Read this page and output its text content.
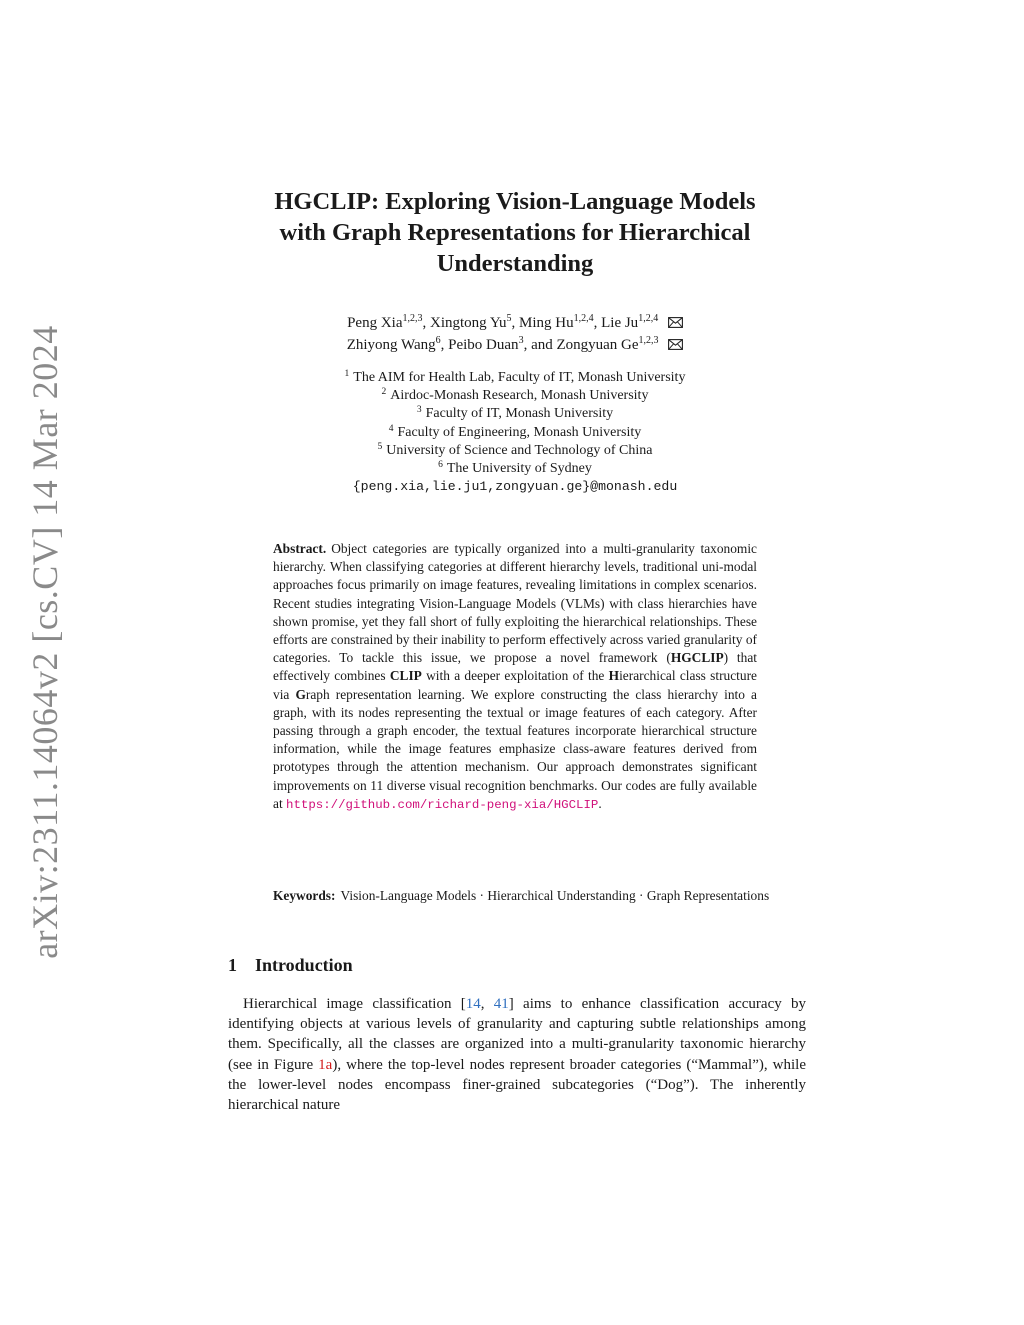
arXiv:2311.14064v2 [cs.CV] 14 Mar 2024
HGCLIP: Exploring Vision-Language Models
with Graph Representations for Hierarchical
Understanding
Peng Xia$^{1,2,3}$, Xingtong Yu$^5$, Ming Hu$^{1,2,4}$, Lie Ju$^{1,2,4}$
Zhiyong Wang$^6$, Peibo Duan$^3$, and Zongyuan Ge$^{1,2,3}$
$^1$ The AIM for Health Lab, Faculty of IT, Monash University
$^2$ Airdoc-Monash Research, Monash University
$^3$ Faculty of IT, Monash University
$^4$ Faculty of Engineering, Monash University
$^5$ University of Science and Technology of China
$^6$ The University of Sydney
{peng.xia,lie.ju1,zongyuan.ge}@monash.edu
Abstract. Object categories are typically organized into a multi-granularity taxonomic hierarchy. When classifying categories at different hierarchy levels, traditional uni-modal approaches focus primarily on image features, revealing limitations in complex scenarios. Recent studies integrating Vision-Language Models (VLMs) with class hierarchies have shown promise, yet they fall short of fully exploiting the hierarchical relationships. These efforts are constrained by their inability to perform effectively across varied granularity of categories. To tackle this issue, we propose a novel framework (HGCLIP) that effectively combines CLIP with a deeper exploitation of the Hierarchical class structure via Graph representation learning. We explore constructing the class hierarchy into a graph, with its nodes representing the textual or image features of each category. After passing through a graph encoder, the textual features incorporate hierarchical structure information, while the image features emphasize class-aware features derived from prototypes through the attention mechanism. Our approach demonstrates significant improvements on 11 diverse visual recognition benchmarks. Our codes are fully available at https://github.com/richard-peng-xia/HGCLIP.
Keywords: Vision-Language Models · Hierarchical Understanding · Graph Representations
1 Introduction
Hierarchical image classification [14, 41] aims to enhance classification accuracy by identifying objects at various levels of granularity and capturing subtle relationships among them. Specifically, all the classes are organized into a multi-granularity taxonomic hierarchy (see in Figure 1a), where the top-level nodes represent broader categories (“Mammal”), while the lower-level nodes encompass finer-grained subcategories (“Dog”). The inherently hierarchical nature
